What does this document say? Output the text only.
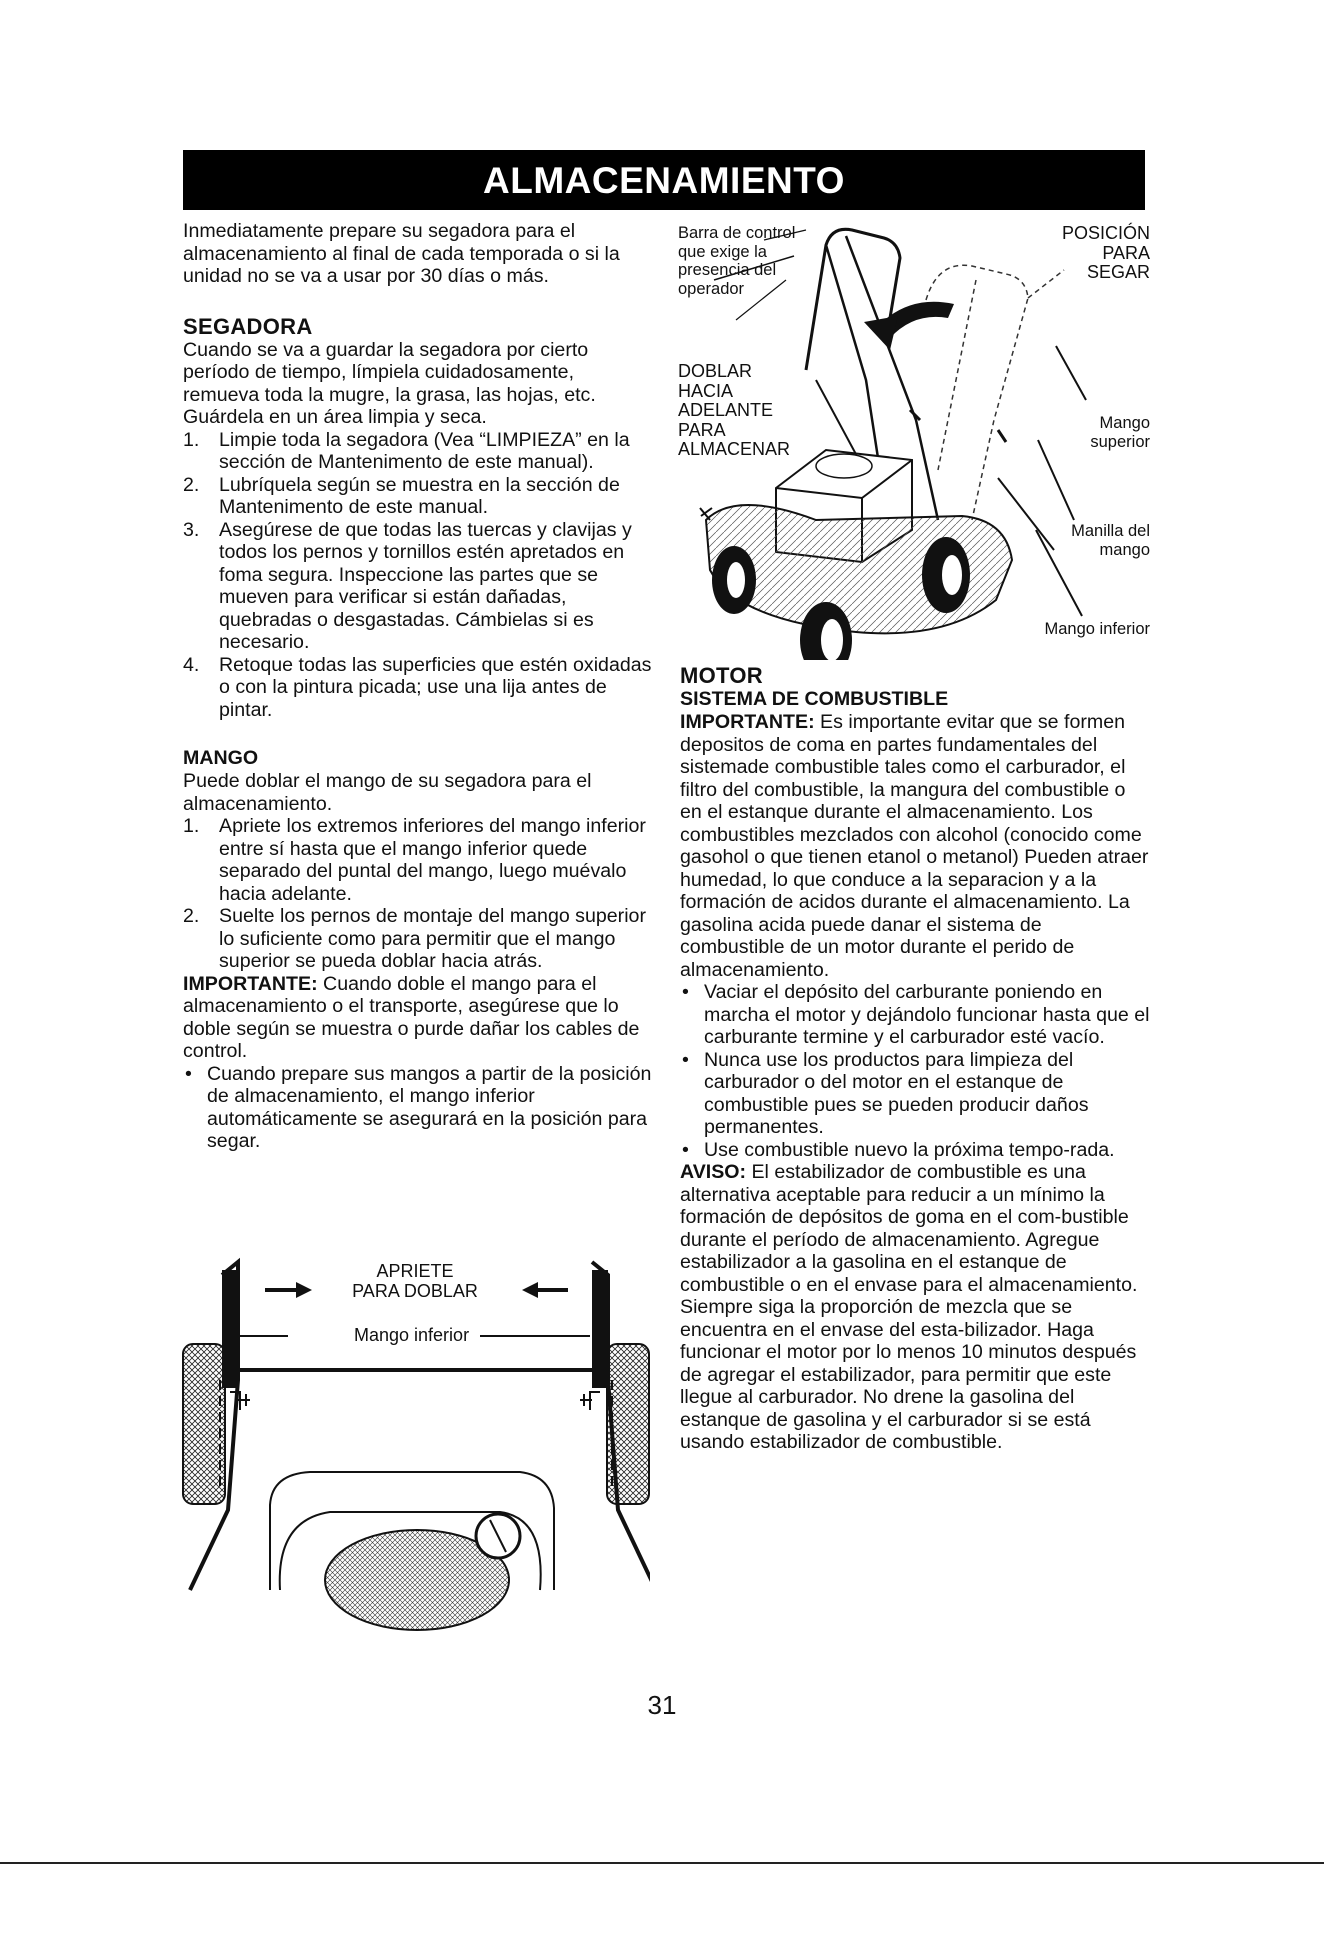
ALMACENAMIENTO

Inmediatamente prepare su segadora para el almacenamiento al final de cada temporada o si la unidad no se va a usar por 30 días o más.

SEGADORA

Cuando se va a guardar la segadora por cierto período de tiempo, límpiela cuidadosamente, remueva toda la mugre, la grasa, las hojas, etc. Guárdela en un área limpia y seca.

1. Limpie toda la segadora (Vea “LIMPIEZA” en la sección de Mantenimento de este manual).
2. Lubríquela según se muestra en la sección de Mantenimento de este manual.
3. Asegúrese de que todas las tuercas y clavijas y todos los pernos y tornillos estén apretados en foma segura. Inspeccione las partes que se mueven para verificar si están dañadas, quebradas o desgastadas. Cámbielas si es necesario.
4. Retoque todas las superficies que estén oxidadas o con la pintura picada; use una lija antes de pintar.
MANGO

Puede doblar el mango de su segadora para el almacenamiento.

1. Apriete los extremos inferiores del mango inferior entre sí hasta que el mango inferior quede separado del puntal del mango, luego muévalo hacia adelante.
2. Suelte los pernos de montaje del mango superior lo suficiente como para permitir que el mango superior se pueda doblar hacia atrás.

IMPORTANTE: Cuando doble el mango para el almacenamiento o el transporte, asegúrese que lo doble según se muestra o purde dañar los cables de control.

• Cuando prepare sus mangos a partir de la posición de almacenamiento, el mango inferior automáticamente se asegurará en la posición para segar.
APRIETE
PARA DOBLAR
Mango inferior
Barra de control
que exige la
presencia del
operador
POSICIÓN
PARA
SEGAR
DOBLAR
HACIA
ADELANTE
PARA
ALMACENAR
Mango
superior
Manilla del
mango
Mango inferior
MOTOR
SISTEMA DE COMBUSTIBLE

IMPORTANTE: Es importante evitar que se formen depositos de coma en partes fundamentales del sistemade combustible tales como el carburador, el filtro del combustible, la mangura del combustible o en el estanque durante el almacenamiento. Los combustibles mezclados con alcohol (conocido come gasohol o que tienen etanol o metanol) Pueden atraer humedad, lo que conduce a la separacion y a la formación de acidos durante el almacenamiento. La gasolina acida puede danar el sistema de combustible de un motor durante el perido de almacenamiento.

• Vaciar el depósito del carburante poniendo en marcha el motor y dejándolo funcionar hasta que el carburante termine y el carburador esté vacío.
• Nunca use los productos para limpieza del carburador o del motor en el estanque de combustible pues se pueden producir daños permanentes.
• Use combustible nuevo la próxima tempo-rada.

AVISO: El estabilizador de combustible es una alternativa aceptable para reducir a un mínimo la formación de depósitos de goma en el com-bustible durante el período de almacenamiento. Agregue estabilizador a la gasolina en el estanque de combustible o en el envase para el almacenamiento. Siempre siga la proporción de mezcla que se encuentra en el envase del esta-bilizador. Haga funcionar el motor por lo menos 10 minutos después de agregar el estabilizador, para permitir que este llegue al carburador. No drene la gasolina del estanque de gasolina y el carburador si se está usando estabilizador de combustible.

31
